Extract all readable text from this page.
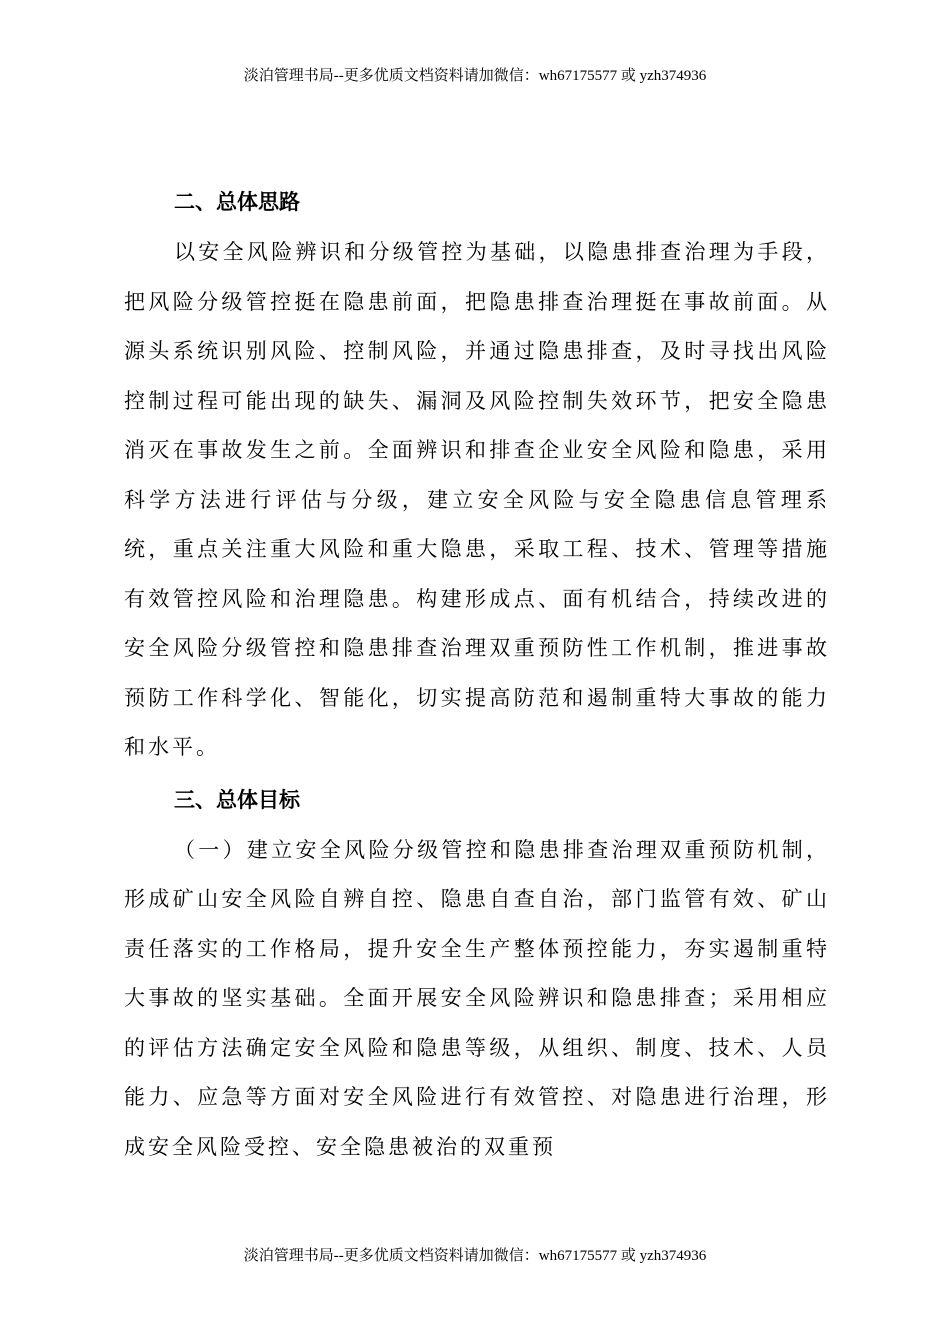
淡泊管理书局--更多优质文档资料请加微信：wh67175577 或 yzh374936
二、总体思路

以安全风险辨识和分级管控为基础，以隐患排查治理为手段，把风险分级管控挺在隐患前面，把隐患排查治理挺在事故前面。从源头系统识别风险、控制风险，并通过隐患排查，及时寻找出风险控制过程可能出现的缺失、漏洞及风险控制失效环节，把安全隐患消灭在事故发生之前。全面辨识和排查企业安全风险和隐患，采用科学方法进行评估与分级，建立安全风险与安全隐患信息管理系统，重点关注重大风险和重大隐患，采取工程、技术、管理等措施有效管控风险和治理隐患。构建形成点、面有机结合，持续改进的安全风险分级管控和隐患排查治理双重预防性工作机制，推进事故预防工作科学化、智能化，切实提高防范和遏制重特大事故的能力和水平。

三、总体目标

（一）建立安全风险分级管控和隐患排查治理双重预防机制，形成矿山安全风险自辨自控、隐患自查自治，部门监管有效、矿山责任落实的工作格局，提升安全生产整体预控能力，夯实遏制重特大事故的坚实基础。全面开展安全风险辨识和隐患排查；采用相应的评估方法确定安全风险和隐患等级，从组织、制度、技术、人员能力、应急等方面对安全风险进行有效管控、对隐患进行治理，形成安全风险受控、安全隐患被治的双重预

淡泊管理书局--更多优质文档资料请加微信：wh67175577 或 yzh374936
